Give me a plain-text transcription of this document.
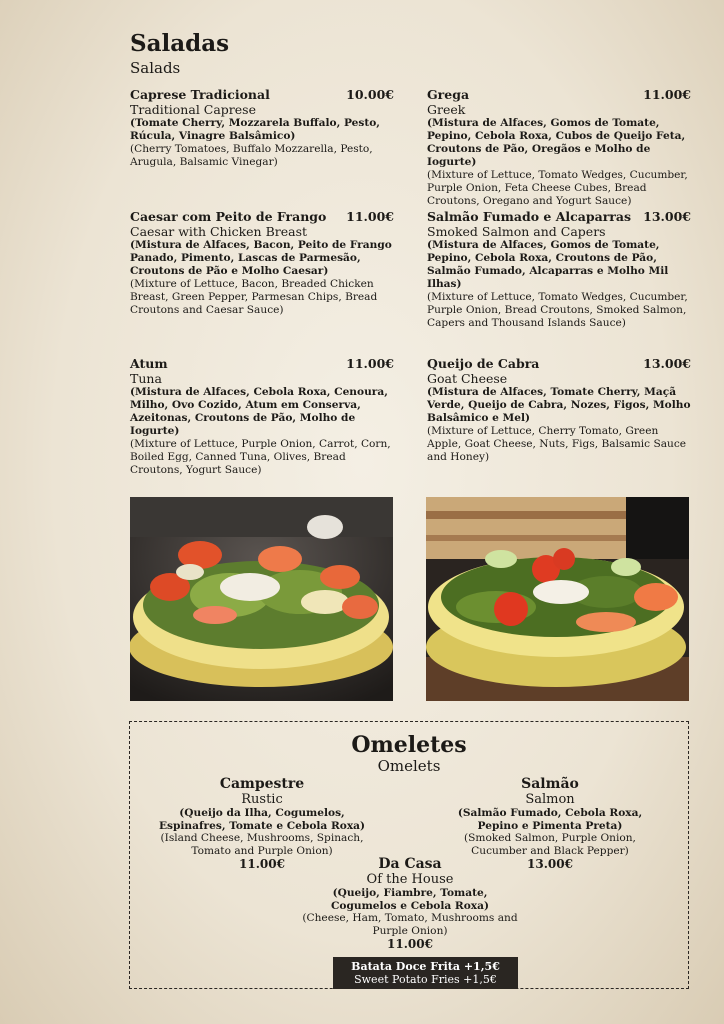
Saladas
Salads
Caprese Tradicional	10.00€
Traditional Caprese
(Tomate Cherry, Mozzarela Buffalo, Pesto, Rúcula, Vinagre Balsâmico)
(Cherry Tomatoes, Buffalo Mozzarella, Pesto, Arugula, Balsamic Vinegar)
Grega	11.00€
Greek
(Mistura de Alfaces, Gomos de Tomate, Pepino, Cebola Roxa, Cubos de Queijo Feta, Croutons de Pão, Oregãos e Molho de Iogurte)
(Mixture of Lettuce, Tomato Wedges, Cucumber, Purple Onion, Feta Cheese Cubes, Bread Croutons, Oregano and Yogurt Sauce)
Caesar com Peito de Frango	11.00€
Caesar with Chicken Breast
(Mistura de Alfaces, Bacon, Peito de Frango Panado, Pimento, Lascas de Parmesão, Croutons de Pão e Molho Caesar)
(Mixture of Lettuce, Bacon, Breaded Chicken Breast, Green Pepper, Parmesan Chips, Bread Croutons and Caesar Sauce)
Salmão Fumado e Alcaparras 13.00€
Smoked Salmon and Capers
(Mistura de Alfaces, Gomos de Tomate, Pepino, Cebola Roxa, Croutons de Pão, Salmão Fumado, Alcaparras e Molho Mil Ilhas)
(Mixture of Lettuce, Tomato Wedges, Cucumber, Purple Onion, Bread Croutons, Smoked Salmon, Capers and Thousand Islands Sauce)
Atum	11.00€
Tuna
(Mistura de Alfaces, Cebola Roxa, Cenoura, Milho, Ovo Cozido, Atum em Conserva, Azeitonas, Croutons de Pão, Molho de Iogurte)
(Mixture of Lettuce, Purple Onion, Carrot, Corn, Boiled Egg, Canned Tuna, Olives, Bread Croutons, Yogurt Sauce)
Queijo de Cabra	13.00€
Goat Cheese
(Mistura de Alfaces, Tomate Cherry, Maçã Verde, Queijo de Cabra, Nozes, Figos, Molho Balsâmico e Mel)
(Mixture of Lettuce, Cherry Tomato, Green Apple, Goat Cheese, Nuts, Figs, Balsamic Sauce and Honey)
Omeletes
Omelets
Campestre
Rustic
(Queijo da Ilha, Cogumelos, Espinafres, Tomate e Cebola Roxa)
(Island Cheese, Mushrooms, Spinach, Tomato and Purple Onion)
11.00€
Salmão
Salmon
(Salmão Fumado, Cebola Roxa, Pepino e Pimenta Preta)
(Smoked Salmon, Purple Onion, Cucumber and Black Pepper)
13.00€
Da Casa
Of the House
(Queijo, Fiambre, Tomate, Cogumelos e Cebola Roxa)
(Cheese, Ham, Tomato, Mushrooms and Purple Onion)
11.00€
Batata Doce Frita +1,5€
Sweet Potato Fries +1,5€
